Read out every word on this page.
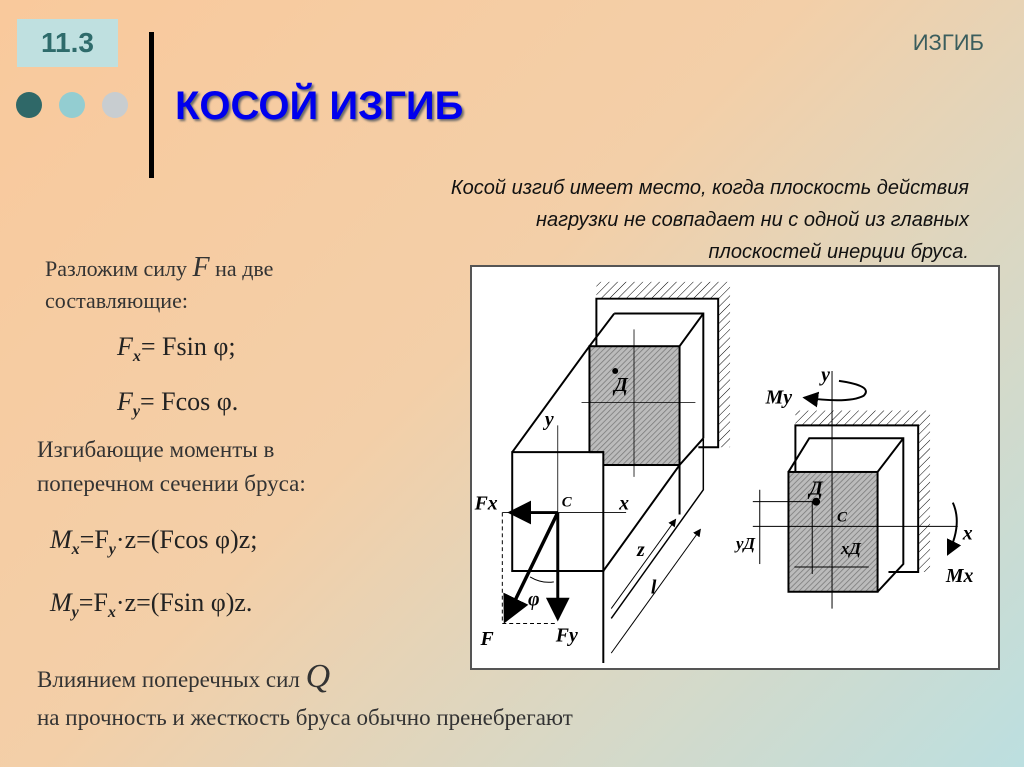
11.3	ИЗГИБ
КОСОЙ ИЗГИБ
Косой изгиб имеет место, когда плоскость действия
нагрузки не совпадает ни с одной из главных
плоскостей инерции бруса.
Разложим силу F на две
составляющие:
$F_x= Fsin$ φ;
$F_y= Fcos$ φ.
Изгибающие моменты в
поперечном сечении бруса:
$M_x=F_y\cdot z=(Fcos$ φ)z;
$M_y=F_x\cdot z=(Fsin$ φ)z.
Влиянием поперечных сил Q
на прочность и жесткость бруса обычно пренебрегают
Д
y
C x
Fx
F	Fy
φ
z
l
y
My
Д
C
x
yД	xД
Mx
